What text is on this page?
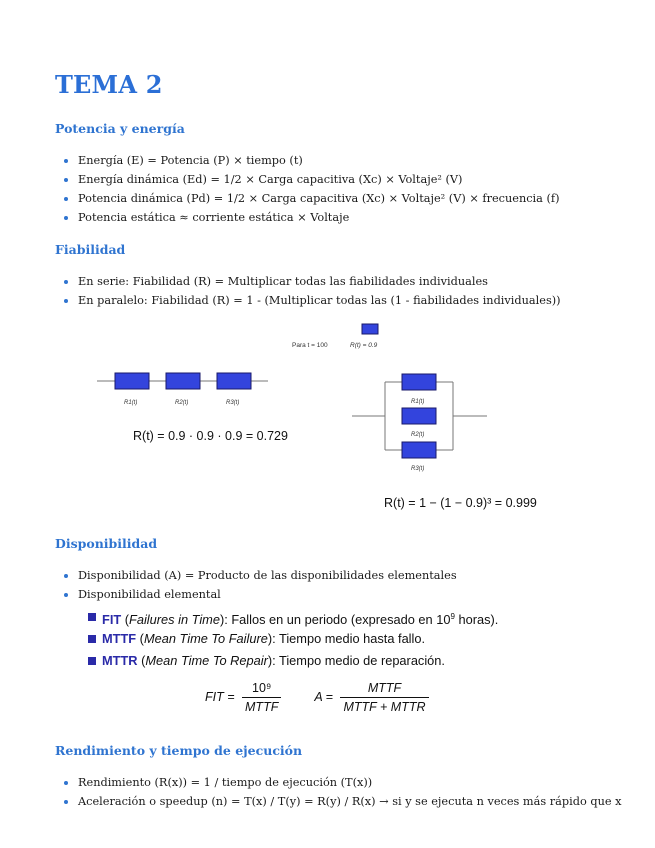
TEMA 2
Potencia y energía
Energía (E) = Potencia (P) × tiempo (t)
Energía dinámica (Ed) = 1/2 × Carga capacitiva (Xc) × Voltaje² (V)
Potencia dinámica (Pd) = 1/2 × Carga capacitiva (Xc) × Voltaje² (V) × frecuencia (f)
Potencia estática ≈ corriente estática × Voltaje
Fiabilidad
En serie: Fiabilidad (R) = Multiplicar todas las fiabilidades individuales
En paralelo: Fiabilidad (R) = 1 - (Multiplicar todas las (1 - fiabilidades individuales))
Para t = 100	R(t) = 0.9
R1(t)	R2(t)	R3(t)	R1(t)
R2(t)
R3(t)
R(t) = 0.9 · 0.9 · 0.9 = 0.729
R(t) = 1 − (1 − 0.9)³ = 0.999
Disponibilidad
Disponibilidad (A) = Producto de las disponibilidades elementales
Disponibilidad elemental
FIT (Failures in Time): Fallos en un periodo (expresado en $10^9$ horas).
MTTF (Mean Time To Failure): Tiempo medio hasta fallo.
MTTR (Mean Time To Repair): Tiempo medio de reparación.
FIT = $\frac{\text{10⁹}}{\text{MTTF}}$	$A = \frac{\text{MTTF}}{\text{MTTF + MTTR}}$
Rendimiento y tiempo de ejecución
Rendimiento (R(x)) = 1 / tiempo de ejecución (T(x))
Aceleración o speedup (n) = T(x) / T(y) = R(y) / R(x) → si y se ejecuta n veces más rápido que x
